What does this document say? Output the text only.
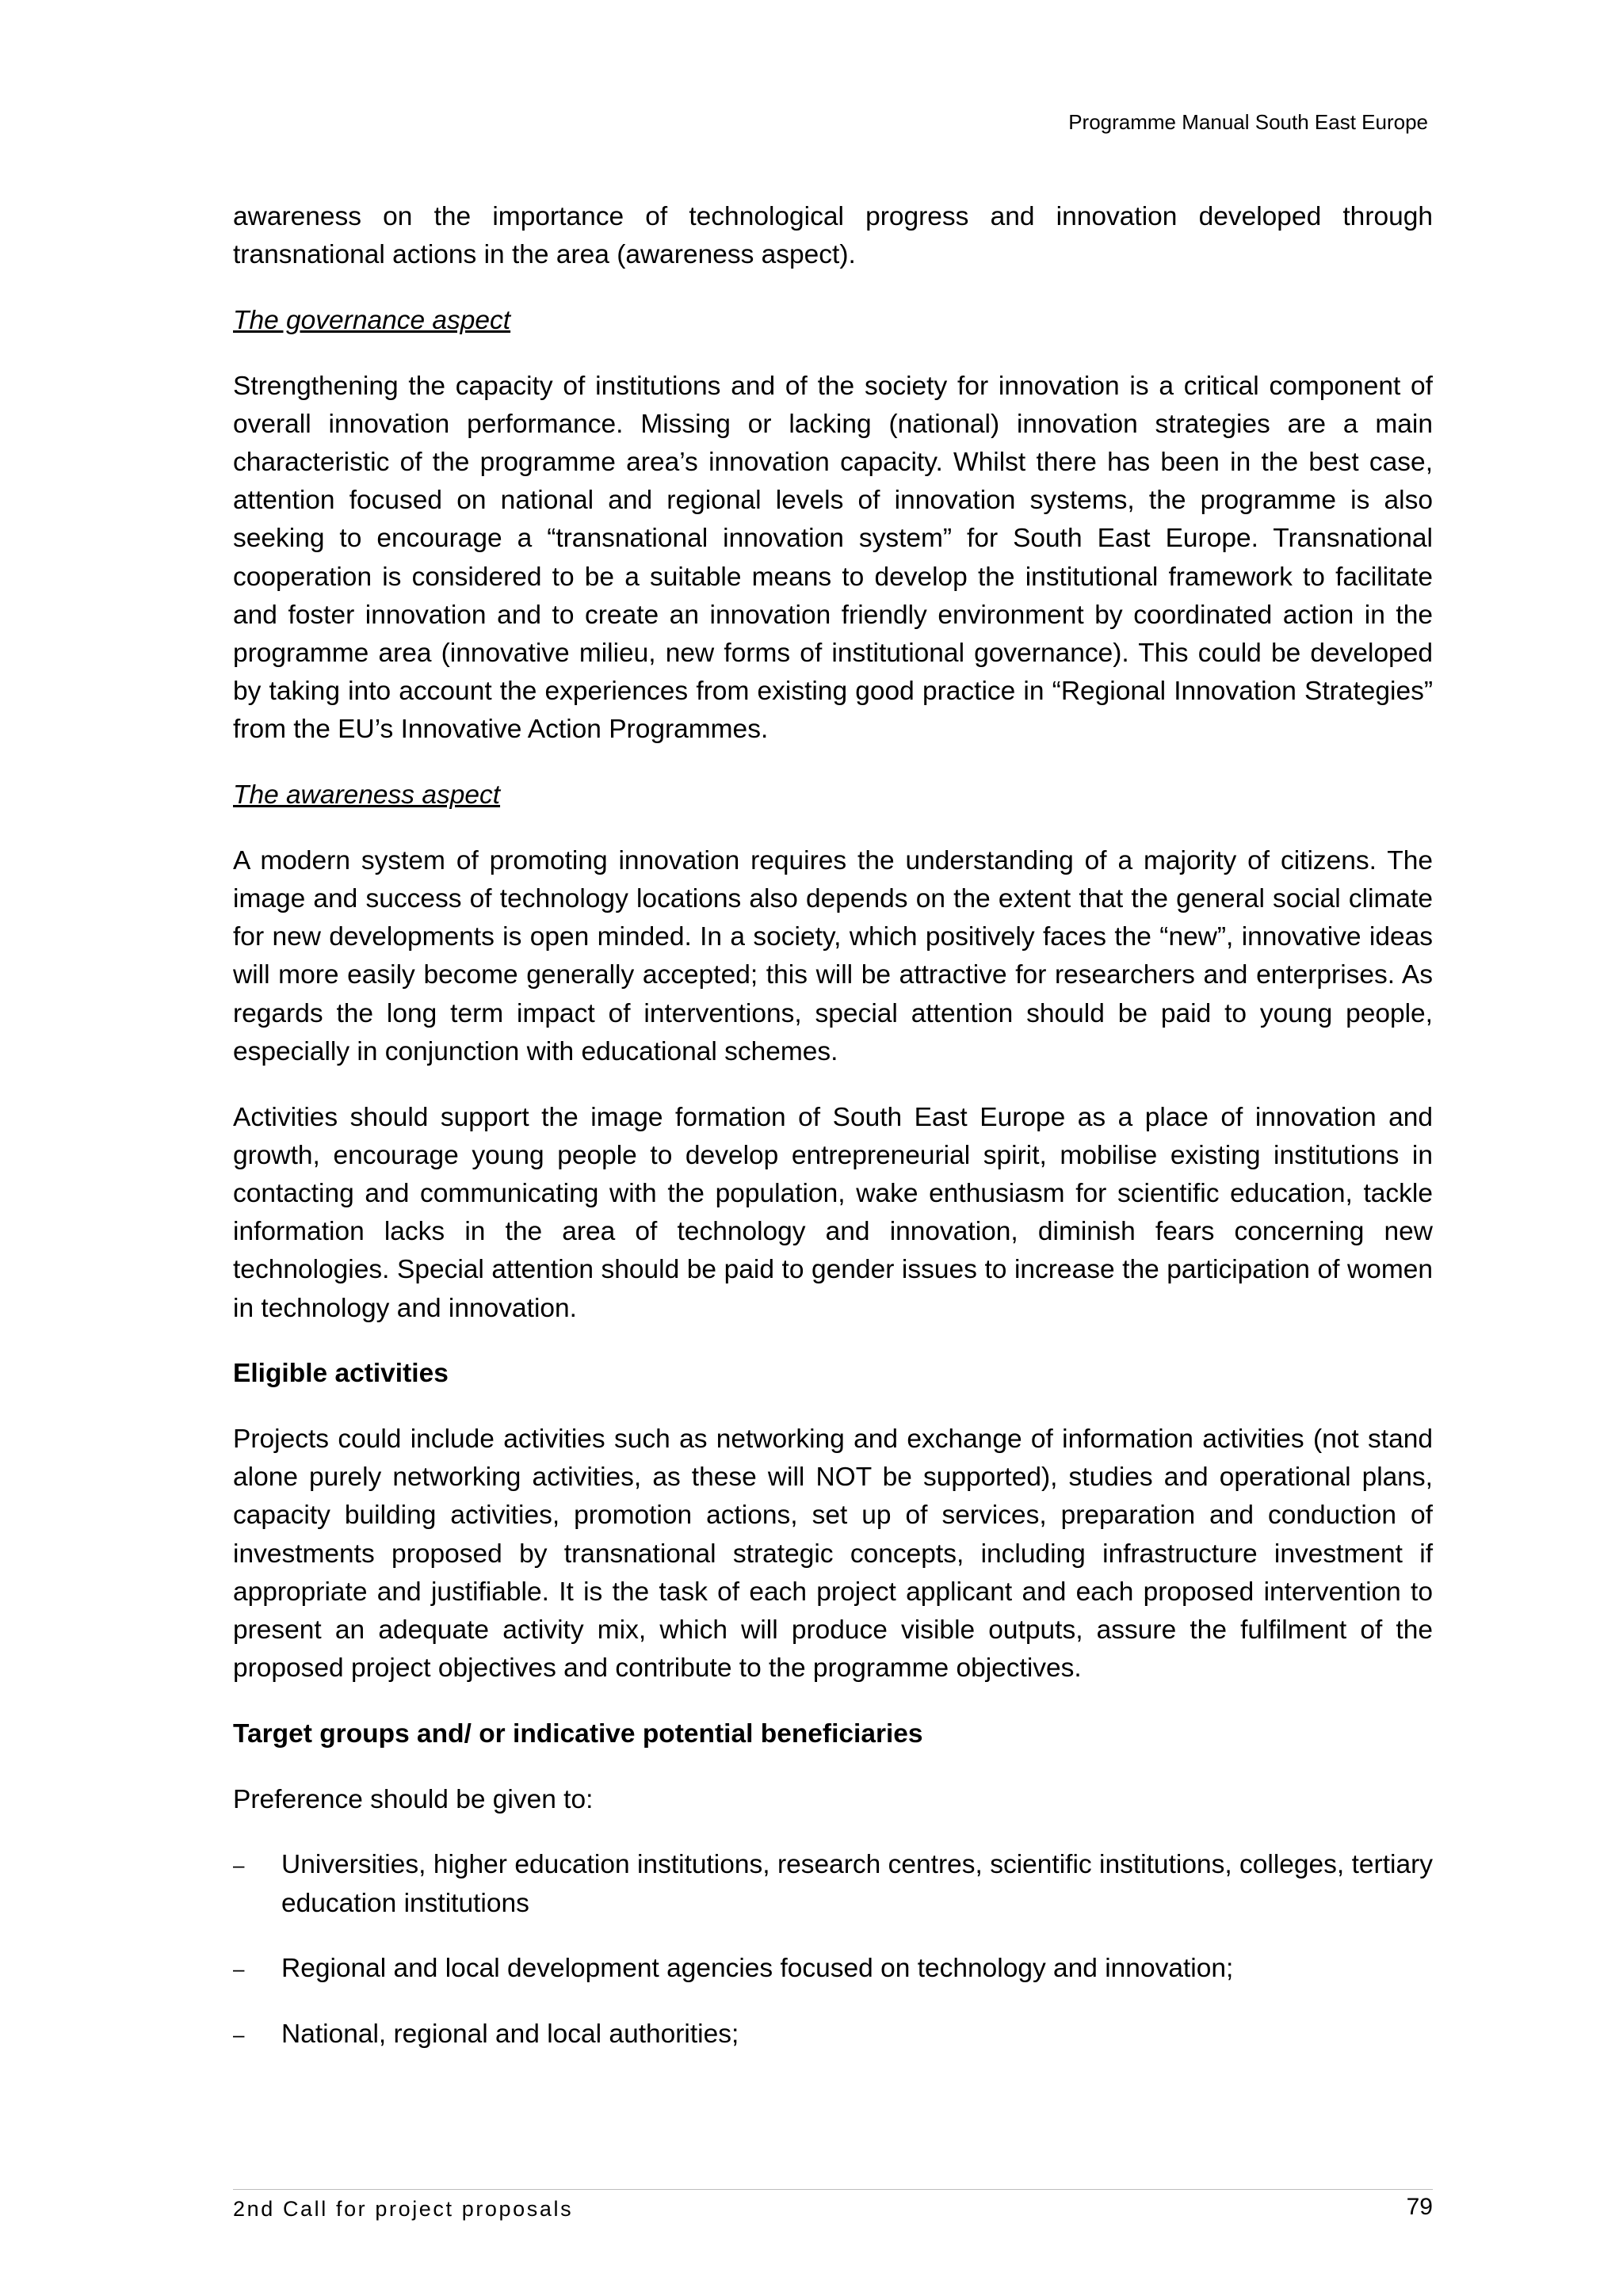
Programme Manual South East Europe

awareness on the importance of technological progress and innovation developed through transnational actions in the area (awareness aspect).

The governance aspect

Strengthening the capacity of institutions and of the society for innovation is a critical component of overall innovation performance. Missing or lacking (national) innovation strategies are a main characteristic of the programme area’s innovation capacity. Whilst there has been in the best case, attention focused on national and regional levels of innovation systems, the programme is also seeking to encourage a “transnational innovation system” for South East Europe. Transnational cooperation is considered to be a suitable means to develop the institutional framework to facilitate and foster innovation and to create an innovation friendly environment by coordinated action in the programme area (innovative milieu, new forms of institutional governance). This could be developed by taking into account the experiences from existing good practice in “Regional Innovation Strategies” from the EU’s Innovative Action Programmes.

The awareness aspect

A modern system of promoting innovation requires the understanding of a majority of citizens. The image and success of technology locations also depends on the extent that the general social climate for new developments is open minded. In a society, which positively faces the “new”, innovative ideas will more easily become generally accepted; this will be attractive for researchers and enterprises. As regards the long term impact of interventions, special attention should be paid to young people, especially in conjunction with educational schemes.

Activities should support the image formation of South East Europe as a place of innovation and growth, encourage young people to develop entrepreneurial spirit, mobilise existing institutions in contacting and communicating with the population, wake enthusiasm for scientific education, tackle information lacks in the area of technology and innovation, diminish fears concerning new technologies. Special attention should be paid to gender issues to increase the participation of women in technology and innovation.

Eligible activities

Projects could include activities such as networking and exchange of information activities (not stand alone purely networking activities, as these will NOT be supported), studies and operational plans, capacity building activities, promotion actions, set up of services, preparation and conduction of investments proposed by transnational strategic concepts, including infrastructure investment if appropriate and justifiable. It is the task of each project applicant and each proposed intervention to present an adequate activity mix, which will produce visible outputs, assure the fulfilment of the proposed project objectives and contribute to the programme objectives.

Target groups and/ or indicative potential beneficiaries

Preference should be given to:

–	Universities, higher education institutions, research centres, scientific institutions, colleges, tertiary education institutions
–	Regional and local development agencies focused on technology and innovation;
–	National, regional and local authorities;
2nd Call for project proposals	79
